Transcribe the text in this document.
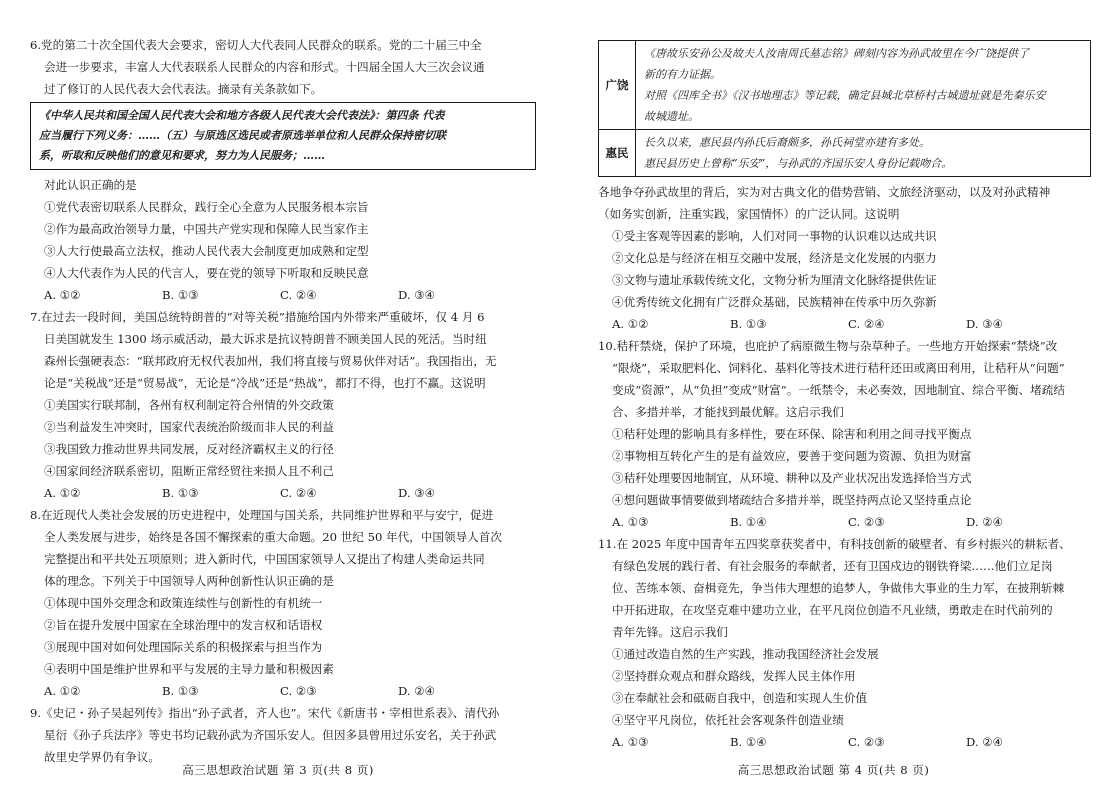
6.党的第二十次全国代表大会要求，密切人大代表同人民群众的联系。党的二十届三中全

会进一步要求，丰富人大代表联系人民群众的内容和形式。十四届全国人大三次会议通

过了修订的人民代表大会代表法。摘录有关条款如下。

《中华人民共和国全国人民代表大会和地方各级人民代表大会代表法》：第四条 代表
应当履行下列义务：……（五）与原选区选民或者原选举单位和人民群众保持密切联
系，听取和反映他们的意见和要求，努力为人民服务；……

对此认识正确的是

①党代表密切联系人民群众，践行全心全意为人民服务根本宗旨

②作为最高政治领导力量，中国共产党实现和保障人民当家作主

③人大行使最高立法权，推动人民代表大会制度更加成熟和定型

④人大代表作为人民的代言人，要在党的领导下听取和反映民意

A. ①②	B. ①③	C. ②④	D. ③④

7.在过去一段时间，美国总统特朗普的“对等关税”措施给国内外带来严重破坏，仅 4 月 6

日美国就发生 1300 场示威活动，最大诉求是抗议特朗普不顾美国人民的死活。当时纽

森州长强硬表态：“联邦政府无权代表加州，我们将直接与贸易伙伴对话”。我国指出，无

论是“关税战”还是“贸易战”，无论是“冷战”还是“热战”，都打不得，也打不赢。这说明

①美国实行联邦制，各州有权利制定符合州情的外交政策

②当利益发生冲突时，国家代表统治阶级而非人民的利益

③我国致力推动世界共同发展，反对经济霸权主义的行径

④国家间经济联系密切，阻断正常经贸往来损人且不利己

A. ①②	B. ①③	C. ②④	D. ③④

8.在近现代人类社会发展的历史进程中，处理国与国关系，共同维护世界和平与安宁，促进

全人类发展与进步，始终是各国不懈探索的重大命题。20 世纪 50 年代，中国领导人首次

完整提出和平共处五项原则；进入新时代，中国国家领导人又提出了构建人类命运共同

体的理念。下列关于中国领导人两种创新性认识正确的是

①体现中国外交理念和政策连续性与创新性的有机统一

②旨在提升发展中国家在全球治理中的发言权和话语权

③展现中国对如何处理国际关系的积极探索与担当作为

④表明中国是维护世界和平与发展的主导力量和积极因素

A. ①②	B. ①③	C. ②③	D. ②④

9.《史记・孙子吴起列传》指出“孙子武者，齐人也”。宋代《新唐书・宰相世系表》、清代孙

星衍《孙子兵法序》等史书均记载孙武为齐国乐安人。但因多县曾用过乐安名，关于孙武

故里史学界仍有争议。

高三思想政治试题 第 3 页(共 8 页)
广饶	《唐故乐安孙公及故夫人汝南周氏墓志铭》碑刻内容为孙武故里在今广饶提供了
新的有力证据。
对照《四库全书》《汉书地理志》等记载，确定县城北草桥村古城遗址就是先秦乐安
故城遗址。

惠民	长久以来，惠民县内孙氏后裔颇多，孙氏祠堂亦建有多处。
惠民县历史上曾称“乐安”，与孙武的齐国乐安人身份记载吻合。

各地争夺孙武故里的背后，实为对古典文化的借势营销、文旅经济驱动，以及对孙武精神

（如务实创新，注重实践，家国情怀）的广泛认同。这说明

①受主客观等因素的影响，人们对同一事物的认识难以达成共识

②文化总是与经济在相互交融中发展，经济是文化发展的内驱力

③文物与遗址承载传统文化，文物分析为厘清文化脉络提供佐证

④优秀传统文化拥有广泛群众基础，民族精神在传承中历久弥新

A. ①②	B. ①③	C. ②④	D. ③④

10.秸秆禁烧，保护了环境，也庇护了病原微生物与杂草种子。一些地方开始探索“禁烧”改

“限烧”，采取肥料化、饲料化、基料化等技术进行秸秆还田或离田利用，让秸秆从“问题”

变成“资源”，从“负担”变成“财富”。一纸禁令，未必奏效，因地制宜、综合平衡、堵疏结

合、多措并举，才能找到最优解。这启示我们

①秸秆处理的影响具有多样性，要在环保、除害和利用之间寻找平衡点

②事物相互转化产生的是有益效应，要善于变问题为资源、负担为财富

③秸秆处理要因地制宜，从环境、耕种以及产业状况出发选择恰当方式

④想问题做事情要做到堵疏结合多措并举，既坚持两点论又坚持重点论

A. ①③	B. ①④	C. ②③	D. ②④

11.在 2025 年度中国青年五四奖章获奖者中，有科技创新的破壁者、有乡村振兴的耕耘者、

有绿色发展的践行者、有社会服务的奉献者，还有卫国戍边的钢铁脊梁……他们立足岗

位、苦练本领、奋楫竞先，争当伟大理想的追梦人，争做伟大事业的生力军，在披荆斩棘

中开拓进取，在攻坚克难中建功立业，在平凡岗位创造不凡业绩，勇敢走在时代前列的

青年先锋。这启示我们

①通过改造自然的生产实践，推动我国经济社会发展

②坚持群众观点和群众路线，发挥人民主体作用

③在奉献社会和砥砺自我中，创造和实现人生价值

④坚守平凡岗位，依托社会客观条件创造业绩

A. ①③	B. ①④	C. ②③	D. ②④
高三思想政治试题 第 4 页(共 8 页)
